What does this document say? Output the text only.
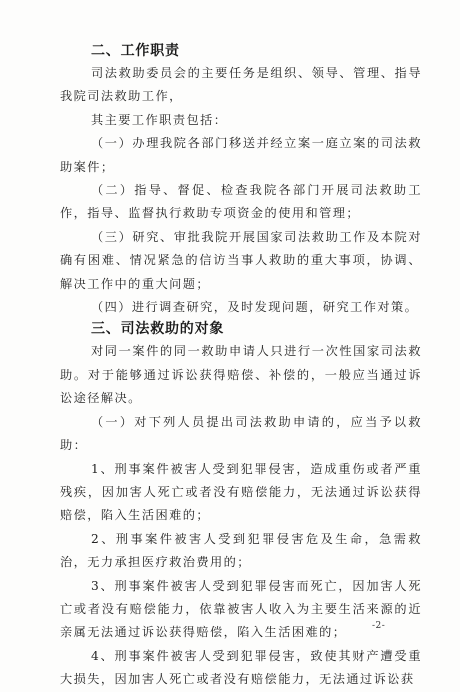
二、工作职责

司法救助委员会的主要任务是组织、领导、管理、指导我院司法救助工作，

其主要工作职责包括：

（一）办理我院各部门移送并经立案一庭立案的司法救助案件；

（二）指导、督促、检查我院各部门开展司法救助工作，指导、监督执行救助专项资金的使用和管理；

（三）研究、审批我院开展国家司法救助工作及本院对确有困难、情况紧急的信访当事人救助的重大事项，协调、解决工作中的重大问题；

（四）进行调查研究，及时发现问题，研究工作对策。

三、司法救助的对象

对同一案件的同一救助申请人只进行一次性国家司法救助。对于能够通过诉讼获得赔偿、补偿的，一般应当通过诉讼途径解决。

（一）对下列人员提出司法救助申请的，应当予以救助：

1、刑事案件被害人受到犯罪侵害，造成重伤或者严重残疾，因加害人死亡或者没有赔偿能力，无法通过诉讼获得赔偿，陷入生活困难的；

2、刑事案件被害人受到犯罪侵害危及生命，急需救治，无力承担医疗救治费用的；

3、刑事案件被害人受到犯罪侵害而死亡，因加害人死亡或者没有赔偿能力，依靠被害人收入为主要生活来源的近亲属无法通过诉讼获得赔偿，陷入生活困难的；

4、刑事案件被害人受到犯罪侵害，致使其财产遭受重大损失，因加害人死亡或者没有赔偿能力，无法通过诉讼获

-2-
